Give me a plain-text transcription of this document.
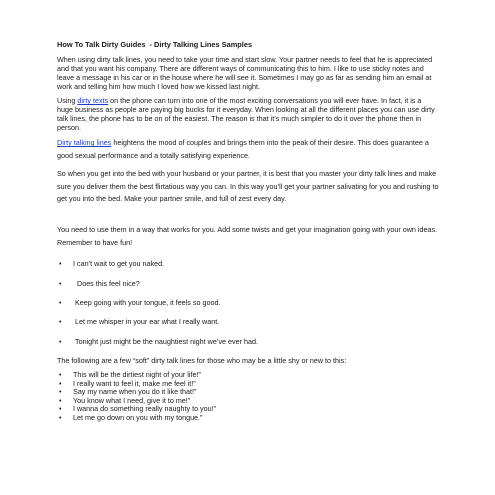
How To Talk Dirty Guides  - Dirty Talking Lines Samples

When using dirty talk lines, you need to take your time and start slow. Your partner needs to feel that he is appreciated and that you want his company. There are different ways of communicating this to him. I like to use sticky notes and leave a message in his car or in the house where he will see it. Sometimes I may go as far as sending him an email at work and telling him how much I loved how we kissed last night.

Using dirty texts on the phone can turn into one of the most exciting conversations you will ever have. In fact, it is a huge business as people are paying big bucks for it everyday. When looking at all the different places you can use dirty talk lines, the phone has to be on of the easiest. The reason is that it’s much simpler to do it over the phone then in person.

Dirty talking lines heightens the mood of couples and brings them into the peak of their desire. This does guarantee a good sexual performance and a totally satisfying experience.

So when you get into the bed with your husband or your partner, it is best that you master your dirty talk lines and make sure you deliver them the best flirtatious way you can. In this way you’ll get your partner salivating for you and rushing to get you into the bed. Make your partner smile, and full of zest every day.

You need to use them in a way that works for you. Add some twists and get your imagination going with your own ideas. Remember to have fun!

• I can’t wait to get you naked.
• Does this feel nice?
• Keep going with your tongue, it feels so good.
• Let me whisper in your ear what I really want.
• Tonight just might be the naughtiest night we’ve ever had.

The following are a few “soft” dirty talk lines for those who may be a little shy or new to this:

• This will be the dirtiest night of your life!”
• I really want to feel it, make me feel it!”
• Say my name when you do it like that!”
• You know what I need, give it to me!”
• I wanna do something really naughty to you!”
• Let me go down on you with my tongue.”
